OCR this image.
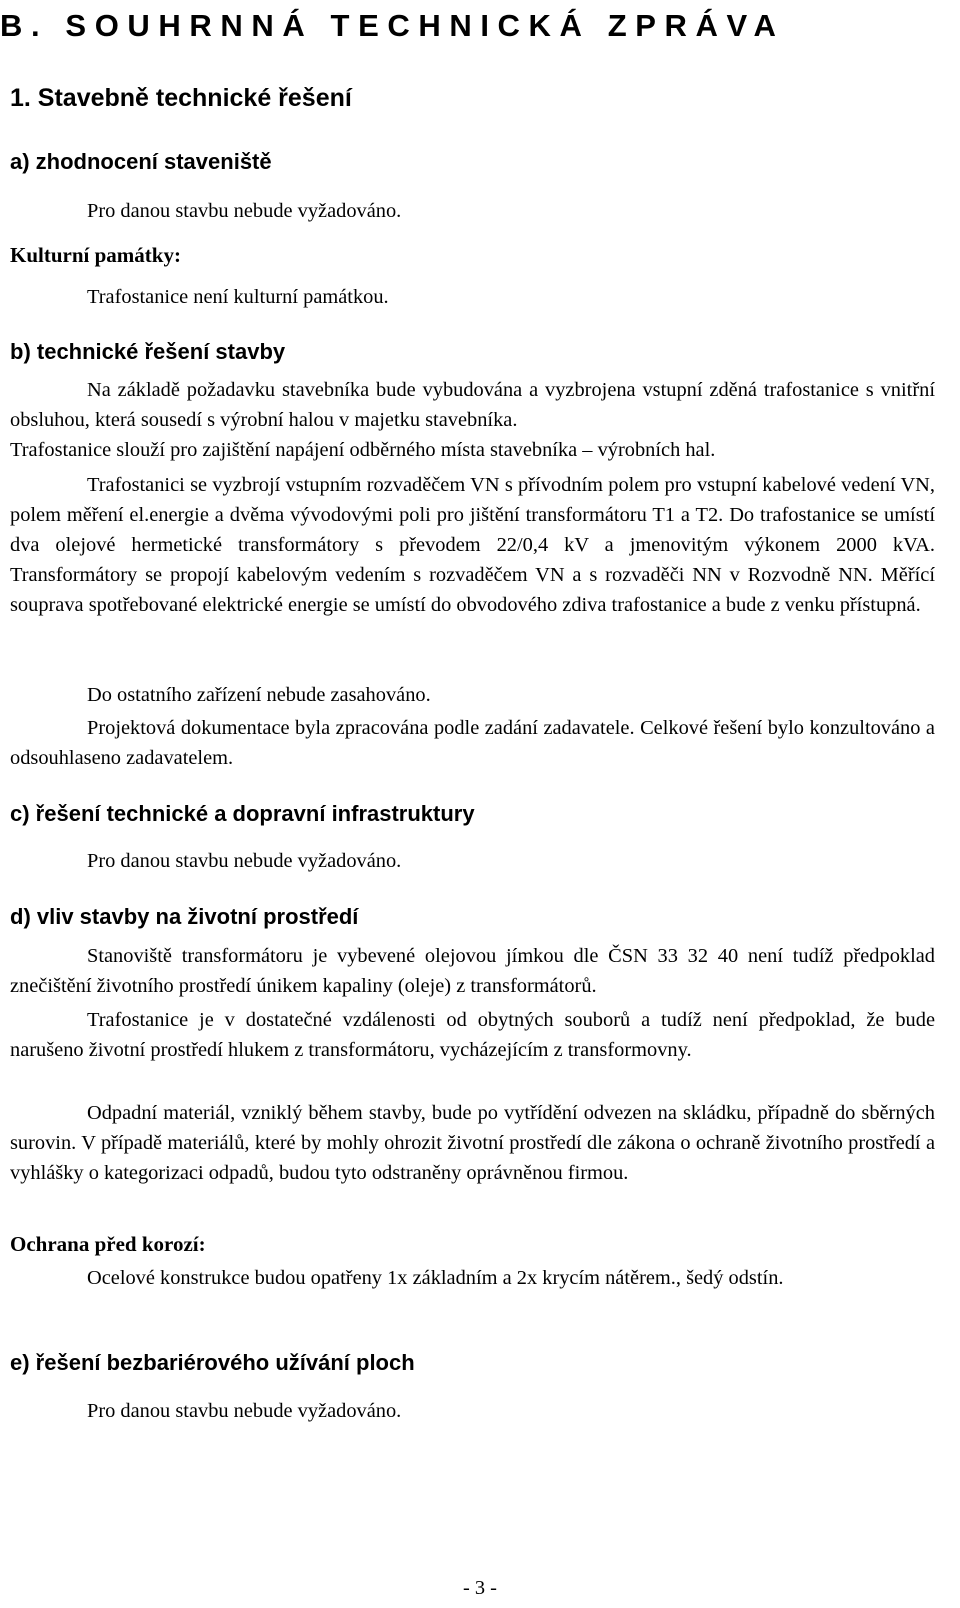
B. SOUHRNNÁ TECHNICKÁ ZPRÁVA
1. Stavebně technické řešení
a) zhodnocení staveniště

Pro danou stavbu nebude vyžadováno.

Kulturní památky:

Trafostanice není kulturní památkou.

b) technické řešení stavby

Na základě požadavku stavebníka bude vybudována a vyzbrojena vstupní zděná trafostanice s vnitřní obsluhou, která sousedí s výrobní halou v majetku stavebníka.

Trafostanice slouží pro zajištění napájení odběrného místa stavebníka – výrobních hal.

Trafostanici se vyzbrojí vstupním rozvaděčem VN s přívodním polem pro vstupní kabelové vedení VN, polem měření el.energie a dvěma vývodovými poli pro jištění transformátoru T1 a T2. Do trafostanice se umístí dva olejové hermetické transformátory s převodem 22/0,4 kV a jmenovitým výkonem 2000 kVA. Transformátory se propojí kabelovým vedením s rozvaděčem VN a s rozvaděči NN v Rozvodně NN. Měřící souprava spotřebované elektrické energie se umístí do obvodového zdiva trafostanice a bude z venku přístupná.

Do ostatního zařízení nebude zasahováno.

Projektová dokumentace byla zpracována podle zadání zadavatele. Celkové řešení bylo konzultováno a odsouhlaseno zadavatelem.

c) řešení technické a dopravní infrastruktury

Pro danou stavbu nebude vyžadováno.

d) vliv stavby na životní prostředí

Stanoviště transformátoru je vybevené olejovou jímkou dle ČSN 33 32 40 není tudíž předpoklad znečištění životního prostředí únikem kapaliny (oleje) z transformátorů.

Trafostanice je v dostatečné vzdálenosti od obytných souborů a tudíž není předpoklad, že bude narušeno životní prostředí hlukem z transformátoru, vycházejícím z transformovny.

Odpadní materiál, vzniklý během stavby, bude po vytřídění odvezen na skládku, případně do sběrných surovin. V případě materiálů, které by mohly ohrozit životní prostředí dle zákona o ochraně životního prostředí a vyhlášky o kategorizaci odpadů, budou tyto odstraněny oprávněnou firmou.

Ochrana před korozí:

Ocelové konstrukce budou opatřeny 1x základním a 2x krycím nátěrem., šedý odstín.

e) řešení bezbariérového užívání ploch

Pro danou stavbu nebude vyžadováno.

- 3 -
